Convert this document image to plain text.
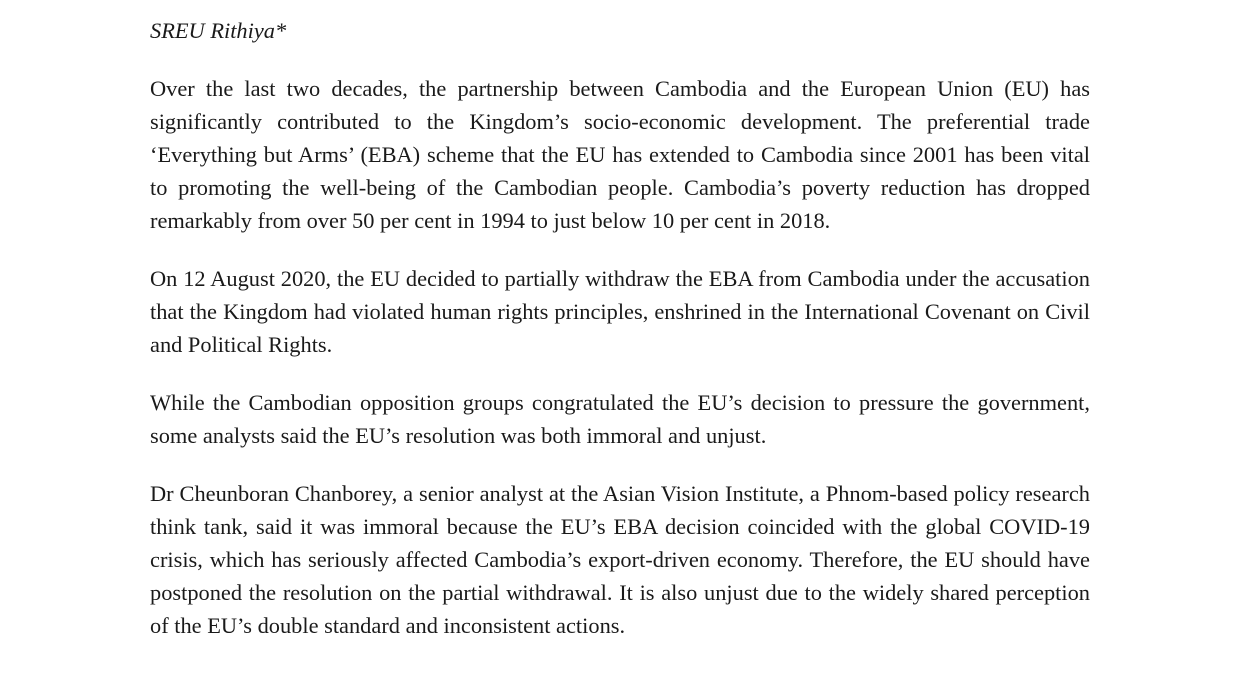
SREU Rithiya*

Over the last two decades, the partnership between Cambodia and the European Union (EU) has significantly contributed to the Kingdom’s socio-economic development. The preferential trade ‘Everything but Arms’ (EBA) scheme that the EU has extended to Cambodia since 2001 has been vital to promoting the well-being of the Cambodian people. Cambodia’s poverty reduction has dropped remarkably from over 50 per cent in 1994 to just below 10 per cent in 2018.

On 12 August 2020, the EU decided to partially withdraw the EBA from Cambodia under the accusation that the Kingdom had violated human rights principles, enshrined in the International Covenant on Civil and Political Rights.

While the Cambodian opposition groups congratulated the EU’s decision to pressure the government, some analysts said the EU’s resolution was both immoral and unjust.

Dr Cheunboran Chanborey, a senior analyst at the Asian Vision Institute, a Phnom-based policy research think tank, said it was immoral because the EU’s EBA decision coincided with the global COVID-19 crisis, which has seriously affected Cambodia’s export-driven economy. Therefore, the EU should have postponed the resolution on the partial withdrawal. It is also unjust due to the widely shared perception of the EU’s double standard and inconsistent actions.
